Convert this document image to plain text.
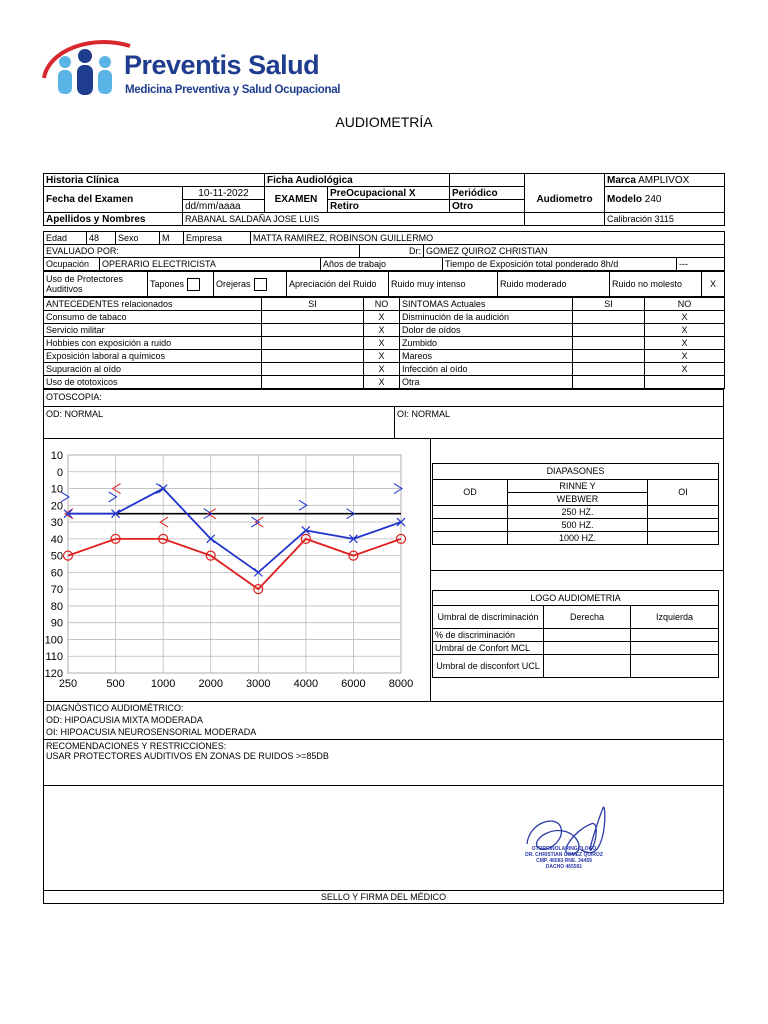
Preventis Salud
Medicina Preventiva y Salud Ocupacional
AUDIOMETRÍA
Historia Clínica		Ficha Audiológica				Marca AMPLIVOX
Fecha del Examen	10-11-2022	EXAMEN	PreOcupacional X	Periódico	Audiometro	Modelo 240
	dd/mm/aaaa		Retiro	Otro		
Apellidos y Nombres	RABANAL SALDAÑA JOSE LUIS					Calibración 3115
Edad	48	Sexo	M	Empresa	MATTA RAMIREZ, ROBINSON GUILLERMO
EVALUADO POR:	Dr:	GOMEZ QUIROZ CHRISTIAN
Ocupación	OPERARIO ELECTRICISTA	Años de trabajo	Tiempo de Exposición total ponderado 8h/d	---
Uso de Protectores Auditivos	Tapones	Orejeras	Apreciación del Ruido	Ruido muy intenso	Ruido moderado	Ruido no molesto	X
ANTECEDENTES relacionados	SI	NO	SINTOMAS Actuales	SI	NO
Consumo de tabaco		X	Disminución de la audición		X
Servicio militar		X	Dolor de oídos		X
Hobbies con exposición a ruido		X	Zumbido		X
Exposición laboral a químicos		X	Mareos		X
Supuración al oído		X	Infección al oído		X
Uso de ototoxicos		X	Otra		
OTOSCOPIA:
OD: NORMAL	OI: NORMAL
10
0
10
20
30
40
50
60
70
80
90
100
110
120
250	500 1000 2000 3000 4000 6000 8000
DIAPASONES		
OD	RINNE Y	OI
	WEBWER	
	250 HZ.	
	500 HZ.	
	1000 HZ.	
LOGO AUDIOMETRIA		
Umbral de discriminación	Derecha	Izquierda
% de discriminación		
Umbral de Confort MCL		
Umbral de disconfort UCL		
DIAGNÓSTICO AUDIOMÉTRICO:
OD: HIPOACUSIA MIXTA MODERADA
OI: HIPOACUSIA NEUROSENSORIAL MODERADA
RECOMENDACIONES Y RESTRICCIONES:
USAR PROTECTORES AUDITIVOS EN ZONAS DE RUIDOS >=85DB
OTORRINOLARINGOLOGO
DR. CHRISTIAN GOMEZ QUIROZ
CMP. 46583 RNE. 34459
DACHO 465591
SELLO Y FIRMA DEL MÉDICO
